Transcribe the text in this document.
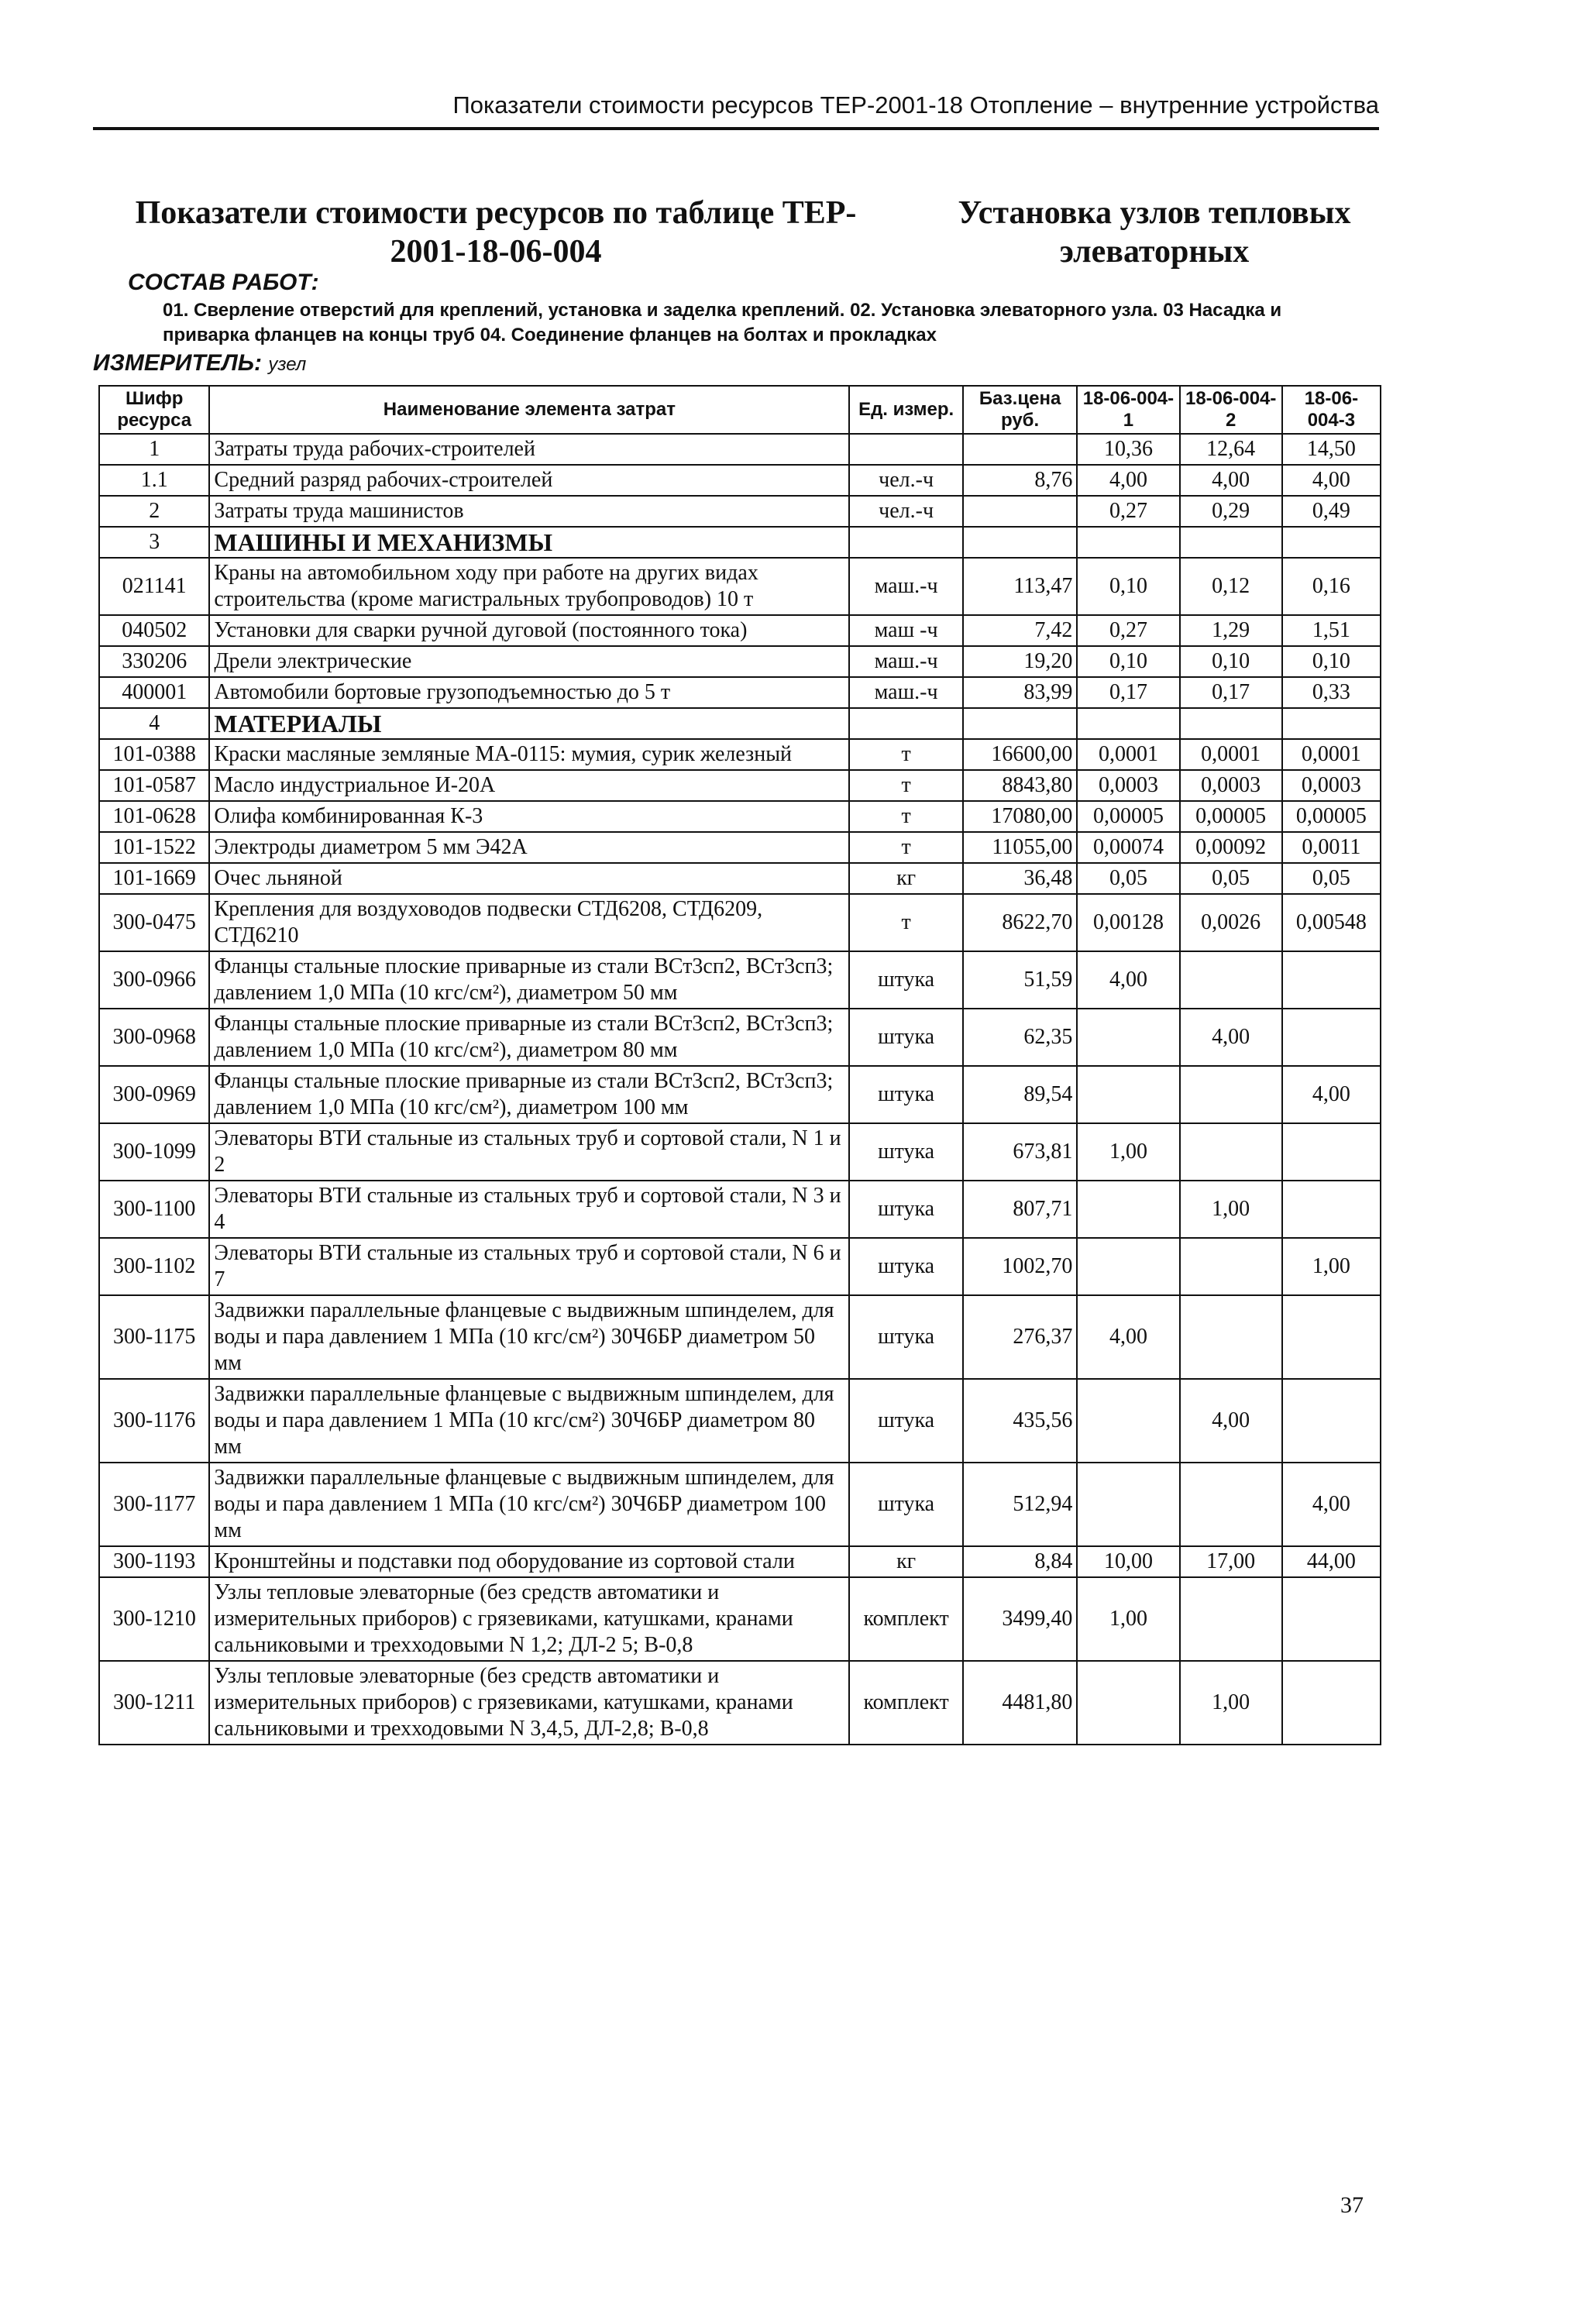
Показатели стоимости ресурсов ТЕР-2001-18 Отопление – внутренние устройства
Показатели стоимости ресурсов по таблице ТЕР-
2001-18-06-004
Установка узлов тепловых
элеваторных
СОСТАВ РАБОТ:
01. Сверление отверстий для креплений, установка и заделка креплений. 02. Установка элеваторного узла. 03 Насадка и приварка фланцев на концы труб 04. Соединение фланцев на болтах и прокладках
ИЗМЕРИТЕЛЬ: узел
Шифр ресурса	Наименование элемента затрат	Ед. измер.	Баз.цена руб.	18-06-004-1	18-06-004-2	18-06-004-3
1	Затраты труда рабочих-строителей			10,36	12,64	14,50
1.1	Средний разряд рабочих-строителей	чел.-ч	8,76	4,00	4,00	4,00
2	Затраты труда машинистов	чел.-ч		0,27	0,29	0,49
3	МАШИНЫ И МЕХАНИЗМЫ					
021141	Краны на автомобильном ходу при работе на других видах строительства (кроме магистральных трубопроводов) 10 т	маш.-ч	113,47	0,10	0,12	0,16
040502	Установки для сварки ручной дуговой (постоянного тока)	маш -ч	7,42	0,27	1,29	1,51
330206	Дрели электрические	маш.-ч	19,20	0,10	0,10	0,10
400001	Автомобили бортовые грузоподъемностью до 5 т	маш.-ч	83,99	0,17	0,17	0,33
4	МАТЕРИАЛЫ					
101-0388	Краски масляные земляные МА-0115: мумия, сурик железный	т	16600,00	0,0001	0,0001	0,0001
101-0587	Масло индустриальное И-20А	т	8843,80	0,0003	0,0003	0,0003
101-0628	Олифа комбинированная К-3	т	17080,00	0,00005	0,00005	0,00005
101-1522	Электроды диаметром 5 мм Э42А	т	11055,00	0,00074	0,00092	0,0011
101-1669	Очес льняной	кг	36,48	0,05	0,05	0,05
300-0475	Крепления для воздуховодов подвески СТД6208, СТД6209, СТД6210	т	8622,70	0,00128	0,0026	0,00548
300-0966	Фланцы стальные плоские приварные из стали ВСт3сп2, ВСт3сп3; давлением 1,0 МПа (10 кгс/см²), диаметром 50 мм	штука	51,59	4,00		
300-0968	Фланцы стальные плоские приварные из стали ВСт3сп2, ВСт3сп3; давлением 1,0 МПа (10 кгс/см²), диаметром 80 мм	штука	62,35		4,00	
300-0969	Фланцы стальные плоские приварные из стали ВСт3сп2, ВСт3сп3; давлением 1,0 МПа (10 кгс/см²), диаметром 100 мм	штука	89,54			4,00
300-1099	Элеваторы ВТИ стальные из стальных труб и сортовой стали, N 1 и 2	штука	673,81	1,00		
300-1100	Элеваторы ВТИ стальные из стальных труб и сортовой стали, N 3 и 4	штука	807,71		1,00	
300-1102	Элеваторы ВТИ стальные из стальных труб и сортовой стали, N 6 и 7	штука	1002,70			1,00
300-1175	Задвижки параллельные фланцевые с выдвижным шпинделем, для воды и пара давлением 1 МПа (10 кгс/см²) 30Ч6БР диаметром 50 мм	штука	276,37	4,00		
300-1176	Задвижки параллельные фланцевые с выдвижным шпинделем, для воды и пара давлением 1 МПа (10 кгс/см²) 30Ч6БР диаметром 80 мм	штука	435,56		4,00	
300-1177	Задвижки параллельные фланцевые с выдвижным шпинделем, для воды и пара давлением 1 МПа (10 кгс/см²) 30Ч6БР диаметром 100 мм	штука	512,94			4,00
300-1193	Кронштейны и подставки под оборудование из сортовой стали	кг	8,84	10,00	17,00	44,00
300-1210	Узлы тепловые элеваторные (без средств автоматики и измерительных приборов) с грязевиками, катушками, кранами сальниковыми и трехходовыми N 1,2; ДЛ-2 5; В-0,8	комплект	3499,40	1,00		
300-1211	Узлы тепловые элеваторные (без средств автоматики и измерительных приборов) с грязевиками, катушками, кранами сальниковыми и трехходовыми N 3,4,5, ДЛ-2,8; В-0,8	комплект	4481,80		1,00	
37
